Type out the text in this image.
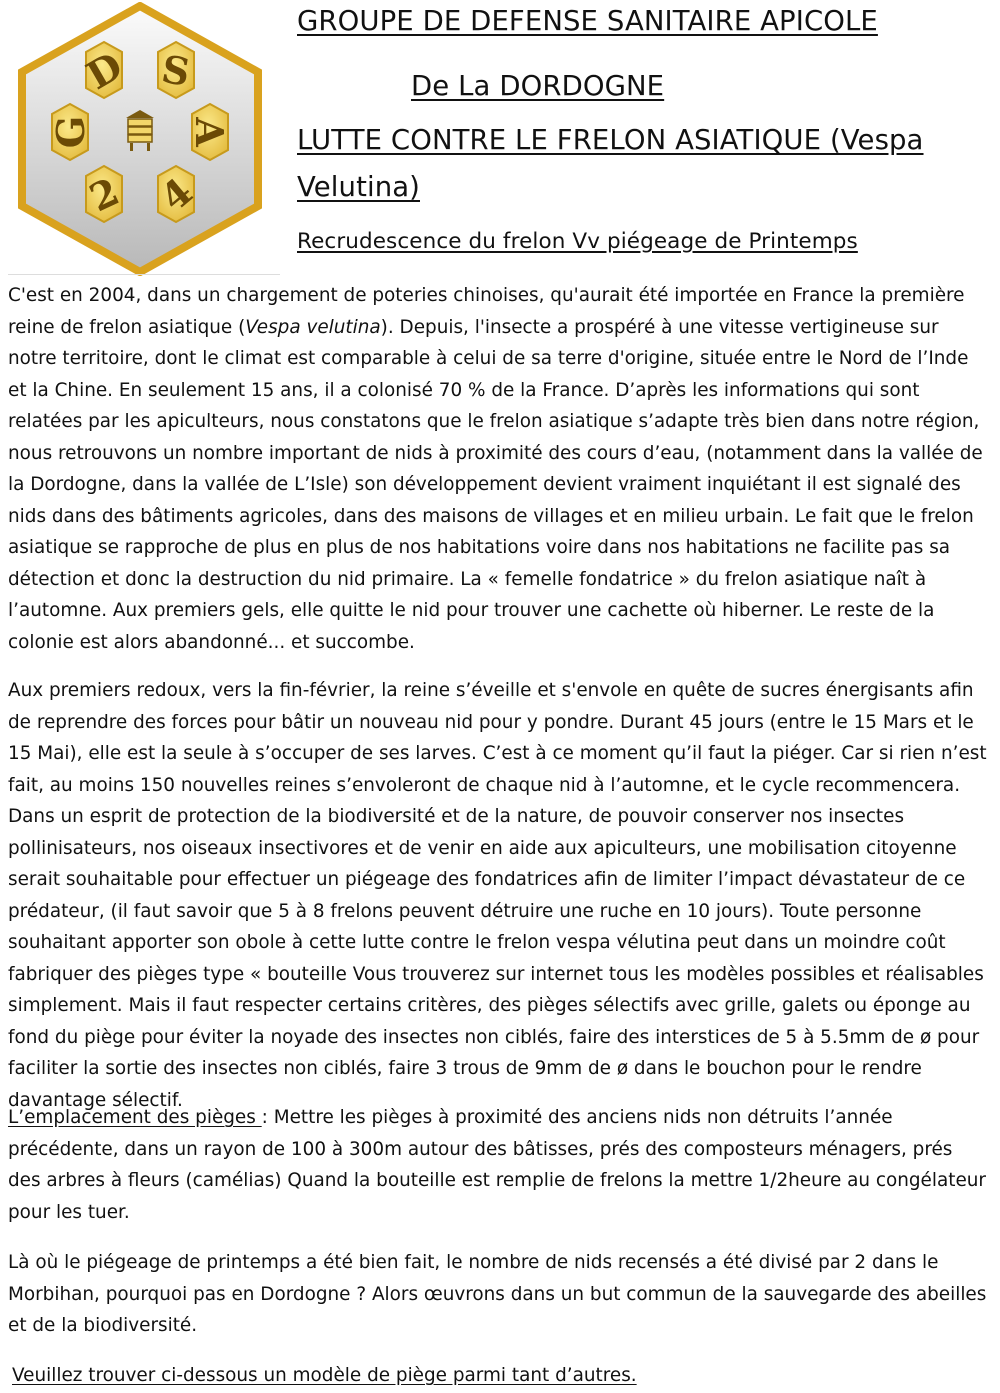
D S
G A
2 4
GROUPE DE DEFENSE SANITAIRE APICOLE
De La DORDOGNE
LUTTE CONTRE LE FRELON ASIATIQUE (Vespa Velutina)
Recrudescence du frelon Vv piégeage de Printemps

C'est en 2004, dans un chargement de poteries chinoises, qu'aurait été importée en France la première reine de frelon asiatique (Vespa velutina). Depuis, l'insecte a prospéré à une vitesse vertigineuse sur notre territoire, dont le climat est comparable à celui de sa terre d'origine, située entre le Nord de l’Inde et la Chine. En seulement 15 ans, il a colonisé 70 % de la France. D’après les informations qui sont relatées par les apiculteurs, nous constatons que le frelon asiatique s’adapte très bien dans notre région, nous retrouvons un nombre important de nids à proximité des cours d’eau, (notamment dans la vallée de la Dordogne, dans la vallée de L’Isle) son développement devient vraiment inquiétant il est signalé des nids dans des bâtiments agricoles, dans des maisons de villages et en milieu urbain. Le fait que le frelon asiatique se rapproche de plus en plus de nos habitations voire dans nos habitations ne facilite pas sa détection et donc la destruction du nid primaire. La « femelle fondatrice » du frelon asiatique naît à l’automne. Aux premiers gels, elle quitte le nid pour trouver une cachette où hiberner. Le reste de la colonie est alors abandonné... et succombe.

Aux premiers redoux, vers la fin-février, la reine s’éveille et s'envole en quête de sucres énergisants afin de reprendre des forces pour bâtir un nouveau nid pour y pondre. Durant 45 jours (entre le 15 Mars et le 15 Mai), elle est la seule à s’occuper de ses larves. C’est à ce moment qu’il faut la piéger. Car si rien n’est fait, au moins 150 nouvelles reines s’envoleront de chaque nid à l’automne, et le cycle recommencera. Dans un esprit de protection de la biodiversité et de la nature, de pouvoir conserver nos insectes pollinisateurs, nos oiseaux insectivores et de venir en aide aux apiculteurs, une mobilisation citoyenne serait souhaitable pour effectuer un piégeage des fondatrices afin de limiter l’impact dévastateur de ce prédateur, (il faut savoir que 5 à 8 frelons peuvent détruire une ruche en 10 jours). Toute personne souhaitant apporter son obole à cette lutte contre le frelon vespa vélutina peut dans un moindre coût fabriquer des pièges type « bouteille Vous trouverez sur internet tous les modèles possibles et réalisables simplement. Mais il faut respecter certains critères, des pièges sélectifs avec grille, galets ou éponge au fond du piège pour éviter la noyade des insectes non ciblés, faire des interstices de 5 à 5.5mm de ø pour faciliter la sortie des insectes non ciblés, faire 3 trous de 9mm de ø dans le bouchon pour le rendre davantage sélectif.

L’emplacement des pièges : Mettre les pièges à proximité des anciens nids non détruits l’année précédente, dans un rayon de 100 à 300m autour des bâtisses, prés des composteurs ménagers, prés des arbres à fleurs (camélias) Quand la bouteille est remplie de frelons la mettre 1/2heure au congélateur pour les tuer.

Là où le piégeage de printemps a été bien fait, le nombre de nids recensés a été divisé par 2 dans le Morbihan, pourquoi pas en Dordogne ? Alors œuvrons dans un but commun de la sauvegarde des abeilles et de la biodiversité.

Veuillez trouver ci-dessous un modèle de piège parmi tant d’autres.
